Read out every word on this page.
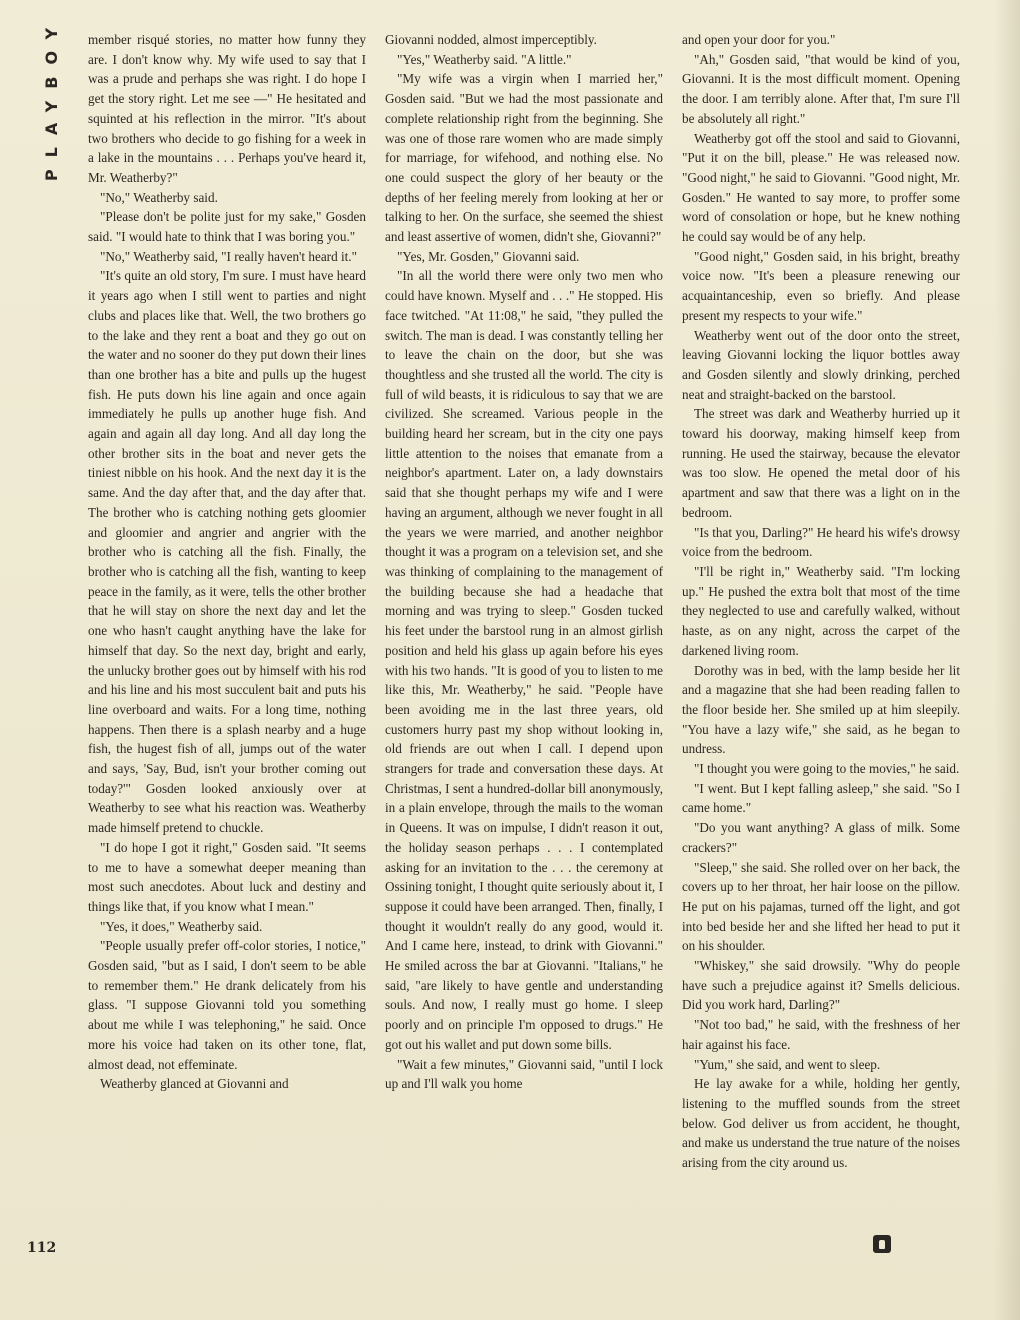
PLAYBOY member risqué stories, no matter how funny they are. I don't know why. My wife used to say that I was a prude and perhaps she was right. I do hope I get the story right. Let me see —" He hesitated and squinted at his reflection in the mirror. "It's about two brothers who decide to go fishing for a week in a lake in the mountains . . . Perhaps you've heard it, Mr. Weatherby?"

"No," Weatherby said.

"Please don't be polite just for my sake," Gosden said. "I would hate to think that I was boring you."

"No," Weatherby said, "I really haven't heard it."

"It's quite an old story, I'm sure. I must have heard it years ago when I still went to parties and night clubs and places like that. Well, the two brothers go to the lake and they rent a boat and they go out on the water and no sooner do they put down their lines than one brother has a bite and pulls up the hugest fish. He puts down his line again and once again immediately he pulls up another huge fish. And again and again all day long. And all day long the other brother sits in the boat and never gets the tiniest nibble on his hook. And the next day it is the same. And the day after that, and the day after that. The brother who is catching nothing gets gloomier and gloomier and angrier and angrier with the brother who is catching all the fish. Finally, the brother who is catching all the fish, wanting to keep peace in the family, as it were, tells the other brother that he will stay on shore the next day and let the one who hasn't caught anything have the lake for himself that day. So the next day, bright and early, the unlucky brother goes out by himself with his rod and his line and his most succulent bait and puts his line overboard and waits. For a long time, nothing happens. Then there is a splash nearby and a huge fish, the hugest fish of all, jumps out of the water and says, 'Say, Bud, isn't your brother coming out today?'" Gosden looked anxiously over at Weatherby to see what his reaction was. Weatherby made himself pretend to chuckle.

"I do hope I got it right," Gosden said. "It seems to me to have a somewhat deeper meaning than most such anecdotes. About luck and destiny and things like that, if you know what I mean."

"Yes, it does," Weatherby said.

"People usually prefer off-color stories, I notice," Gosden said, "but as I said, I don't seem to be able to remember them." He drank delicately from his glass. "I suppose Giovanni told you something about me while I was telephoning," he said. Once more his voice had taken on its other tone, flat, almost dead, not effeminate.

Weatherby glanced at Giovanni and

Giovanni nodded, almost imperceptibly.

"Yes," Weatherby said. "A little."

"My wife was a virgin when I married her," Gosden said. "But we had the most passionate and complete relationship right from the beginning. She was one of those rare women who are made simply for marriage, for wifehood, and nothing else. No one could suspect the glory of her beauty or the depths of her feeling merely from looking at her or talking to her. On the surface, she seemed the shiest and least assertive of women, didn't she, Giovanni?"

"Yes, Mr. Gosden," Giovanni said.

"In all the world there were only two men who could have known. Myself and . . ." He stopped. His face twitched. "At 11:08," he said, "they pulled the switch. The man is dead. I was constantly telling her to leave the chain on the door, but she was thoughtless and she trusted all the world. The city is full of wild beasts, it is ridiculous to say that we are civilized. She screamed. Various people in the building heard her scream, but in the city one pays little attention to the noises that emanate from a neighbor's apartment. Later on, a lady downstairs said that she thought perhaps my wife and I were having an argument, although we never fought in all the years we were married, and another neighbor thought it was a program on a television set, and she was thinking of complaining to the management of the building because she had a headache that morning and was trying to sleep." Gosden tucked his feet under the barstool rung in an almost girlish position and held his glass up again before his eyes with his two hands. "It is good of you to listen to me like this, Mr. Weatherby," he said. "People have been avoiding me in the last three years, old customers hurry past my shop without looking in, old friends are out when I call. I depend upon strangers for trade and conversation these days. At Christmas, I sent a hundred-dollar bill anonymously, in a plain envelope, through the mails to the woman in Queens. It was on impulse, I didn't reason it out, the holiday season perhaps . . . I contemplated asking for an invitation to the . . . the ceremony at Ossining tonight, I thought quite seriously about it, I suppose it could have been arranged. Then, finally, I thought it wouldn't really do any good, would it. And I came here, instead, to drink with Giovanni." He smiled across the bar at Giovanni. "Italians," he said, "are likely to have gentle and understanding souls. And now, I really must go home. I sleep poorly and on principle I'm opposed to drugs." He got out his wallet and put down some bills.

"Wait a few minutes," Giovanni said, "until I lock up and I'll walk you home

and open your door for you."

"Ah," Gosden said, "that would be kind of you, Giovanni. It is the most difficult moment. Opening the door. I am terribly alone. After that, I'm sure I'll be absolutely all right."

Weatherby got off the stool and said to Giovanni, "Put it on the bill, please." He was released now. "Good night," he said to Giovanni. "Good night, Mr. Gosden." He wanted to say more, to proffer some word of consolation or hope, but he knew nothing he could say would be of any help.

"Good night," Gosden said, in his bright, breathy voice now. "It's been a pleasure renewing our acquaintanceship, even so briefly. And please present my respects to your wife."

Weatherby went out of the door onto the street, leaving Giovanni locking the liquor bottles away and Gosden silently and slowly drinking, perched neat and straight-backed on the barstool.

The street was dark and Weatherby hurried up it toward his doorway, making himself keep from running. He used the stairway, because the elevator was too slow. He opened the metal door of his apartment and saw that there was a light on in the bedroom.

"Is that you, Darling?" He heard his wife's drowsy voice from the bedroom.

"I'll be right in," Weatherby said. "I'm locking up." He pushed the extra bolt that most of the time they neglected to use and carefully walked, without haste, as on any night, across the carpet of the darkened living room.

Dorothy was in bed, with the lamp beside her lit and a magazine that she had been reading fallen to the floor beside her. She smiled up at him sleepily. "You have a lazy wife," she said, as he began to undress.

"I thought you were going to the movies," he said.

"I went. But I kept falling asleep," she said. "So I came home."

"Do you want anything? A glass of milk. Some crackers?"

"Sleep," she said. She rolled over on her back, the covers up to her throat, her hair loose on the pillow. He put on his pajamas, turned off the light, and got into bed beside her and she lifted her head to put it on his shoulder.

"Whiskey," she said drowsily. "Why do people have such a prejudice against it? Smells delicious. Did you work hard, Darling?"

"Not too bad," he said, with the freshness of her hair against his face.

"Yum," she said, and went to sleep.

He lay awake for a while, holding her gently, listening to the muffled sounds from the street below. God deliver us from accident, he thought, and make us understand the true nature of the noises arising from the city around us.

112
